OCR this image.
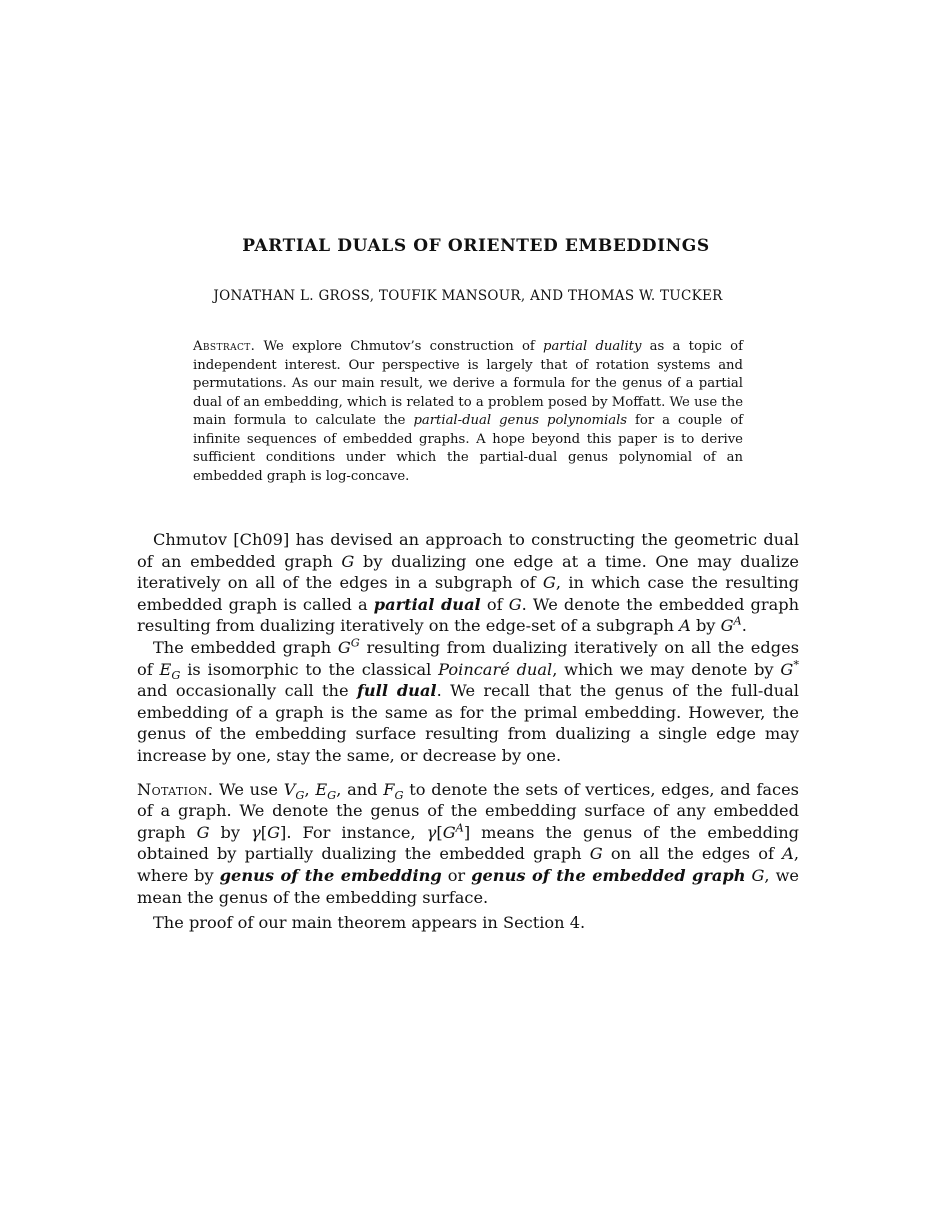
PARTIAL DUALS OF ORIENTED EMBEDDINGS

JONATHAN L. GROSS, TOUFIK MANSOUR, AND THOMAS W. TUCKER

Abstract. We explore Chmutov’s construction of partial duality as a topic of independent interest. Our perspective is largely that of rotation systems and permutations. As our main result, we derive a formula for the genus of a partial dual of an embedding, which is related to a problem posed by Moffatt. We use the main formula to calculate the partial-dual genus polynomials for a couple of infinite sequences of embedded graphs. A hope beyond this paper is to derive sufficient conditions under which the partial-dual genus polynomial of an embedded graph is log-concave.

Chmutov [Ch09] has devised an approach to constructing the geometric dual of an embedded graph G by dualizing one edge at a time. One may dualize iteratively on all of the edges in a subgraph of G, in which case the resulting embedded graph is called a partial dual of G. We denote the embedded graph resulting from dualizing iteratively on the edge-set of a subgraph A by $G^A$.

The embedded graph $G^G$ resulting from dualizing iteratively on all the edges of $E_G$ is isomorphic to the classical Poincaré dual, which we may denote by G* and occasionally call the full dual. We recall that the genus of the full-dual embedding of a graph is the same as for the primal embedding. However, the genus of the embedding surface resulting from dualizing a single edge may increase by one, stay the same, or decrease by one.

Notation. We use $V_G$, $E_G$, and $F_G$ to denote the sets of vertices, edges, and faces of a graph. We denote the genus of the embedding surface of any embedded graph G by γ[G]. For instance, $\gamma[G^A]$ means the genus of the embedding obtained by partially dualizing the embedded graph G on all the edges of A, where by genus of the embedding or genus of the embedded graph G, we mean the genus of the embedding surface.

The proof of our main theorem appears in Section 4.
